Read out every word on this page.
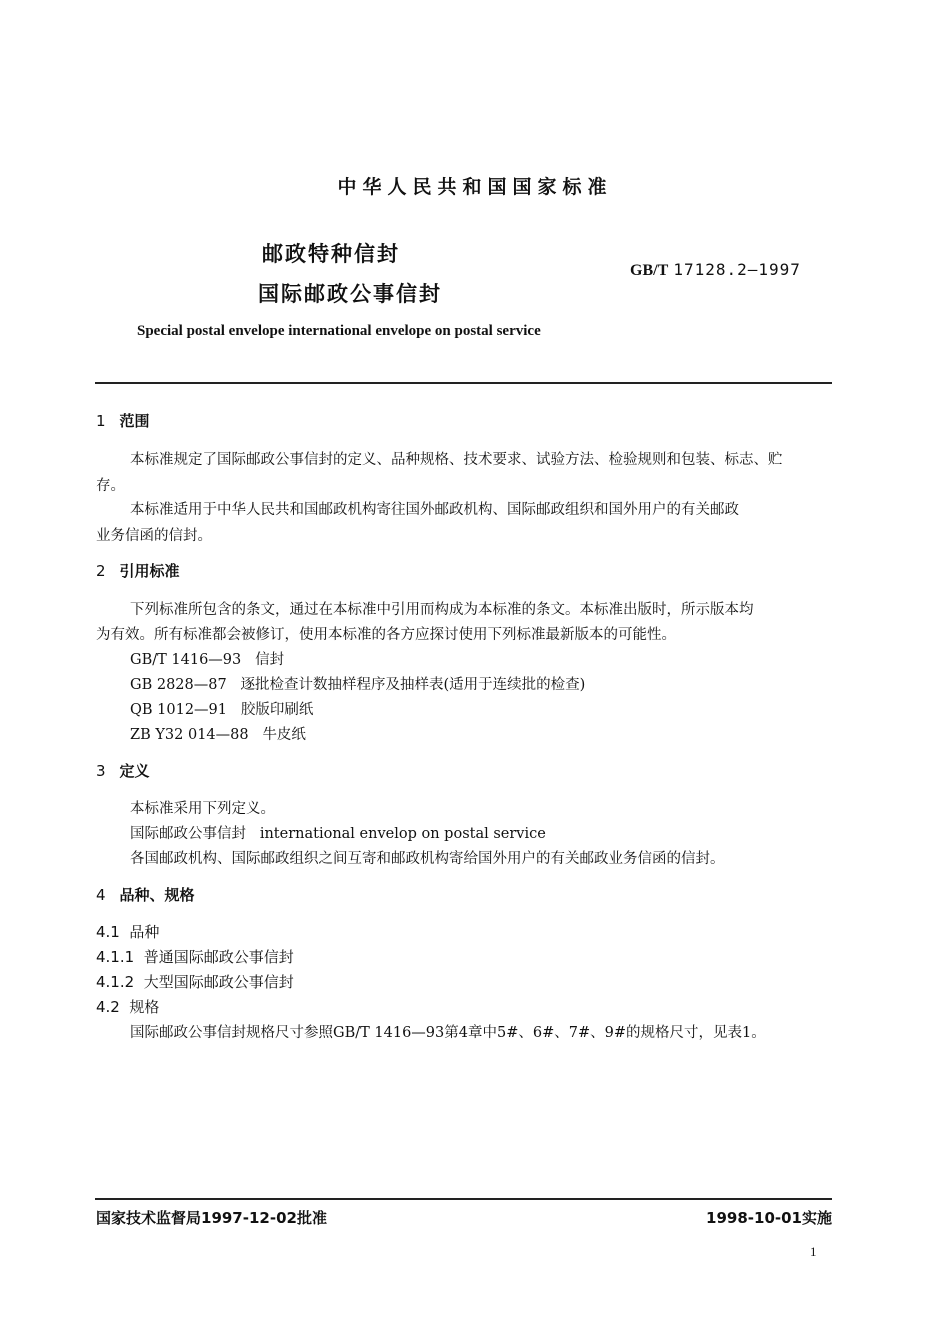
中华人民共和国国家标准
邮政特种信封
国际邮政公事信封
GB/T 17128.2—1997
Special postal envelope international envelope on postal service
1 范围
本标准规定了国际邮政公事信封的定义、品种规格、技术要求、试验方法、检验规则和包装、标志、贮
存。
本标准适用于中华人民共和国邮政机构寄往国外邮政机构、国际邮政组织和国外用户的有关邮政
业务信函的信封。
2 引用标准
下列标准所包含的条文，通过在本标准中引用而构成为本标准的条文。本标准出版时，所示版本均
为有效。所有标准都会被修订，使用本标准的各方应探讨使用下列标准最新版本的可能性。
GB/T 1416—93 信封
GB 2828—87 逐批检查计数抽样程序及抽样表(适用于连续批的检查)
QB 1012—91 胶版印刷纸
ZB Y32 014—88 牛皮纸
3 定义
本标准采用下列定义。
国际邮政公事信封 international envelop on postal service
各国邮政机构、国际邮政组织之间互寄和邮政机构寄给国外用户的有关邮政业务信函的信封。
4 品种、规格
4.1 品种
4.1.1 普通国际邮政公事信封
4.1.2 大型国际邮政公事信封
4.2 规格
国际邮政公事信封规格尺寸参照GB/T 1416—93第4章中5#、6#、7#、9#的规格尺寸，见表1。
国家技术监督局1997-12-02批准	1998-10-01实施
1
